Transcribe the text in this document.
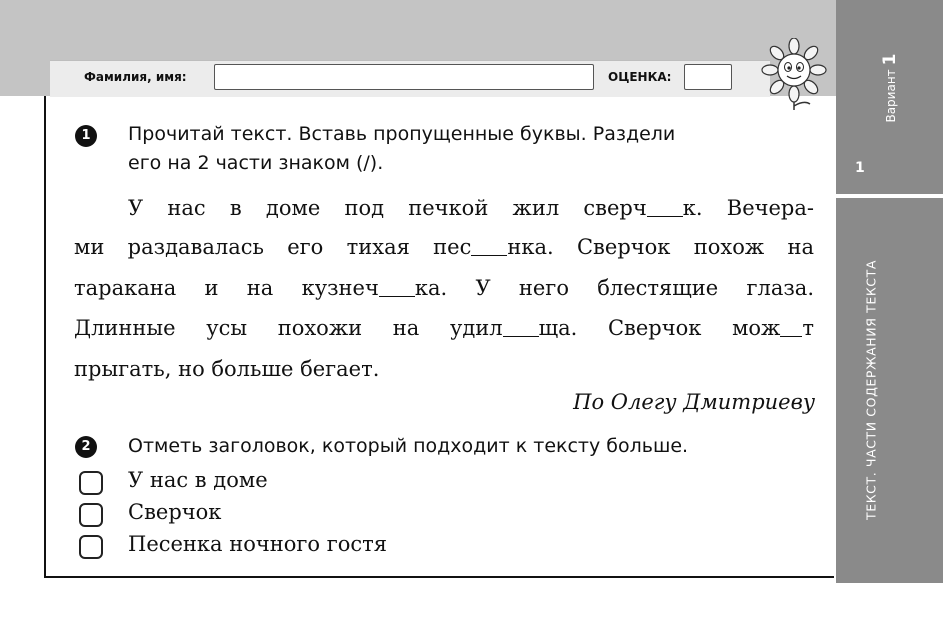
Вариант1
1
ТЕКСТ. ЧАСТИ СОДЕРЖАНИЯ ТЕКСТА
Фамилия, имя:	ОЦЕНКА:
1	Прочитай текст. Вставь пропущенные буквы. Раздели
его на 2 части знаком (/).
У нас в доме под печкой жил сверч к. Вечера-
ми раздавалась его тихая пес нка. Сверчок похож на
таракана и на кузнеч ка. У него блестящие глаза.
Длинные усы похожи на удил ща. Сверчок мож т
прыгать, но больше бегает.
По Олегу Дмитриеву
2	Отметь заголовок, который подходит к тексту больше.
У нас в доме
Сверчок
Песенка ночного гостя
